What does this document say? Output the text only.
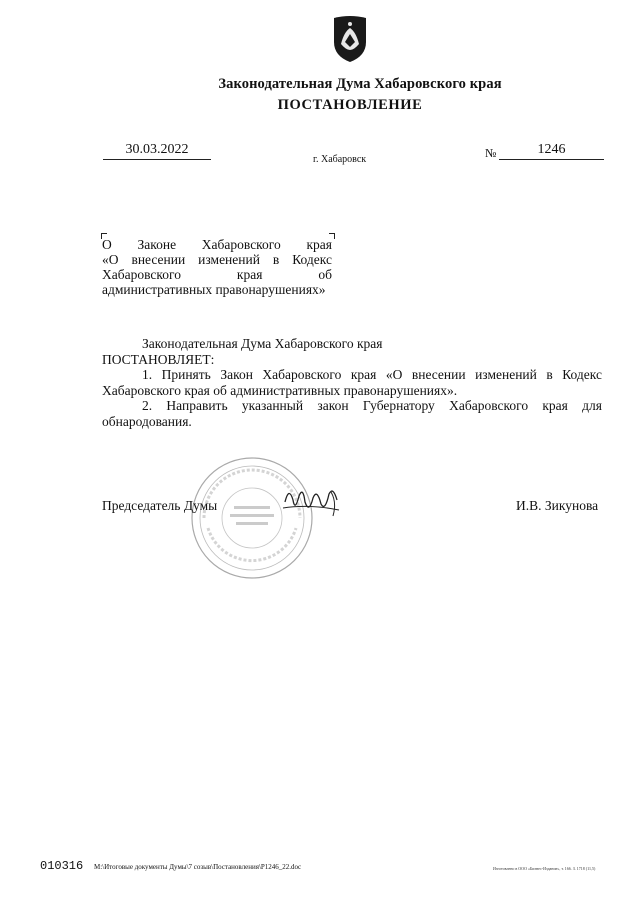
Законодательная Дума Хабаровского края
ПОСТАНОВЛЕНИЕ
30.03.2022
г. Хабаровск	№	1246
О Законе Хабаровского края
«О внесении изменений в Кодекс
Хабаровского края об
административных правонарушениях»
Законодательная Дума Хабаровского края
ПОСТАНОВЛЯЕТ:
1. Принять Закон Хабаровского края «О внесении изменений в Кодекс
Хабаровского края об административных правонарушениях».
2. Направить указанный закон Губернатору Хабаровского края для
обнародования.
Председатель Думы	И.В. Зикунова
010316 М:\Итоговые документы Думы\7 созыв\Постановления\P1246_22.doc	Изготовлено в ООО «Бизнес-Издание», т. 166. З. 1718 (11,5)
